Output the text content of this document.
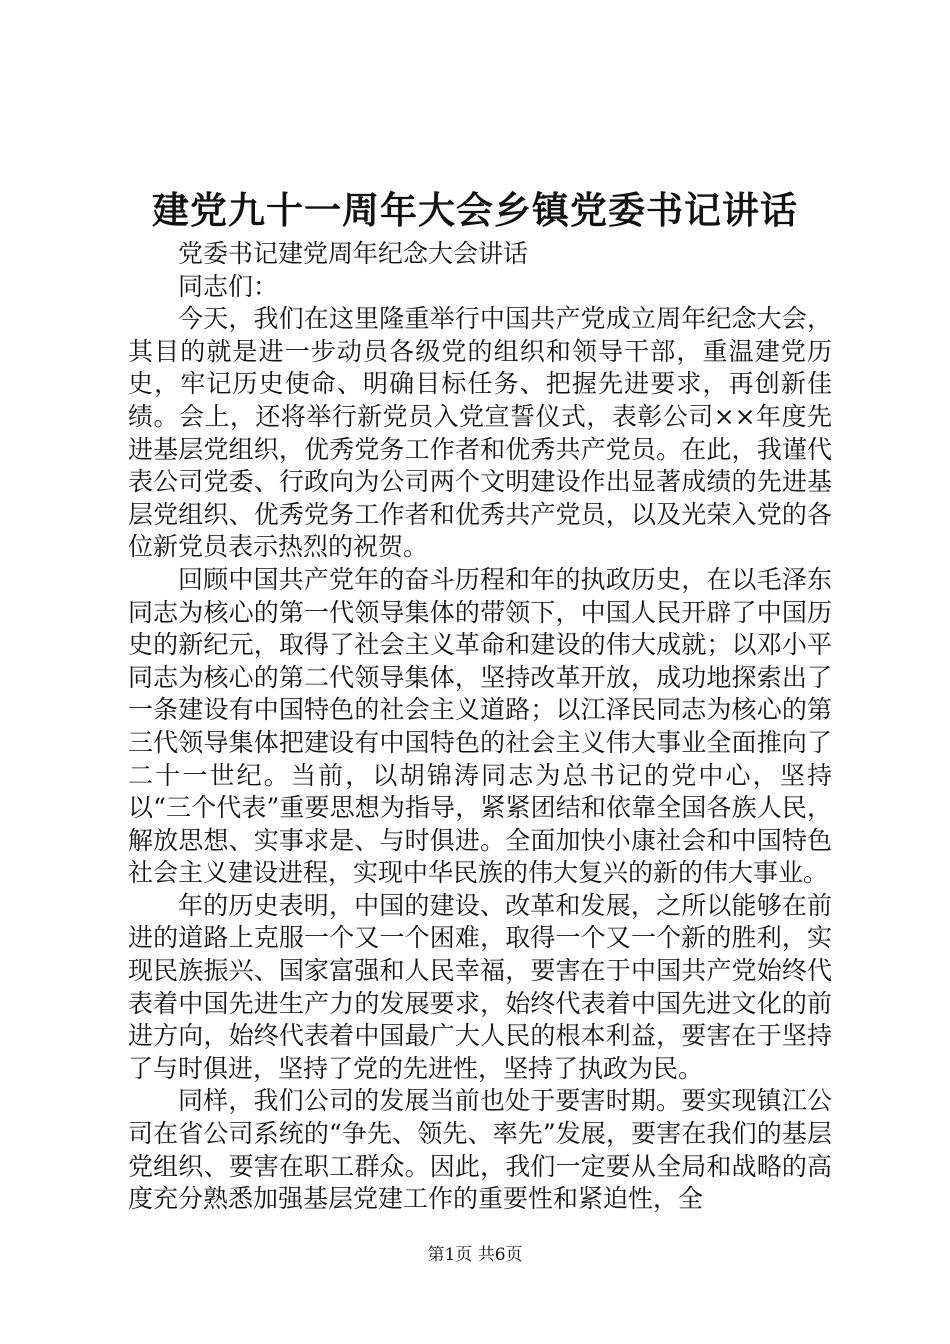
建党九十一周年大会乡镇党委书记讲话

党委书记建党周年纪念大会讲话

同志们：

今天，我们在这里隆重举行中国共产党成立周年纪念大会，其目的就是进一步动员各级党的组织和领导干部，重温建党历史，牢记历史使命、明确目标任务、把握先进要求，再创新佳绩。会上，还将举行新党员入党宣誓仪式，表彰公司××年度先进基层党组织，优秀党务工作者和优秀共产党员。在此，我谨代表公司党委、行政向为公司两个文明建设作出显著成绩的先进基层党组织、优秀党务工作者和优秀共产党员，以及光荣入党的各位新党员表示热烈的祝贺。

回顾中国共产党年的奋斗历程和年的执政历史，在以毛泽东同志为核心的第一代领导集体的带领下，中国人民开辟了中国历史的新纪元，取得了社会主义革命和建设的伟大成就；以邓小平同志为核心的第二代领导集体，坚持改革开放，成功地探索出了一条建设有中国特色的社会主义道路；以江泽民同志为核心的第三代领导集体把建设有中国特色的社会主义伟大事业全面推向了二十一世纪。当前，以胡锦涛同志为总书记的党中心，坚持以“三个代表”重要思想为指导，紧紧团结和依靠全国各族人民，解放思想、实事求是、与时俱进。全面加快小康社会和中国特色社会主义建设进程，实现中华民族的伟大复兴的新的伟大事业。

年的历史表明，中国的建设、改革和发展，之所以能够在前进的道路上克服一个又一个困难，取得一个又一个新的胜利，实现民族振兴、国家富强和人民幸福，要害在于中国共产党始终代表着中国先进生产力的发展要求，始终代表着中国先进文化的前进方向，始终代表着中国最广大人民的根本利益，要害在于坚持了与时俱进，坚持了党的先进性，坚持了执政为民。

同样，我们公司的发展当前也处于要害时期。要实现镇江公司在省公司系统的“争先、领先、率先”发展，要害在我们的基层党组织、要害在职工群众。因此，我们一定要从全局和战略的高度充分熟悉加强基层党建工作的重要性和紧迫性，全

第1页 共6页
